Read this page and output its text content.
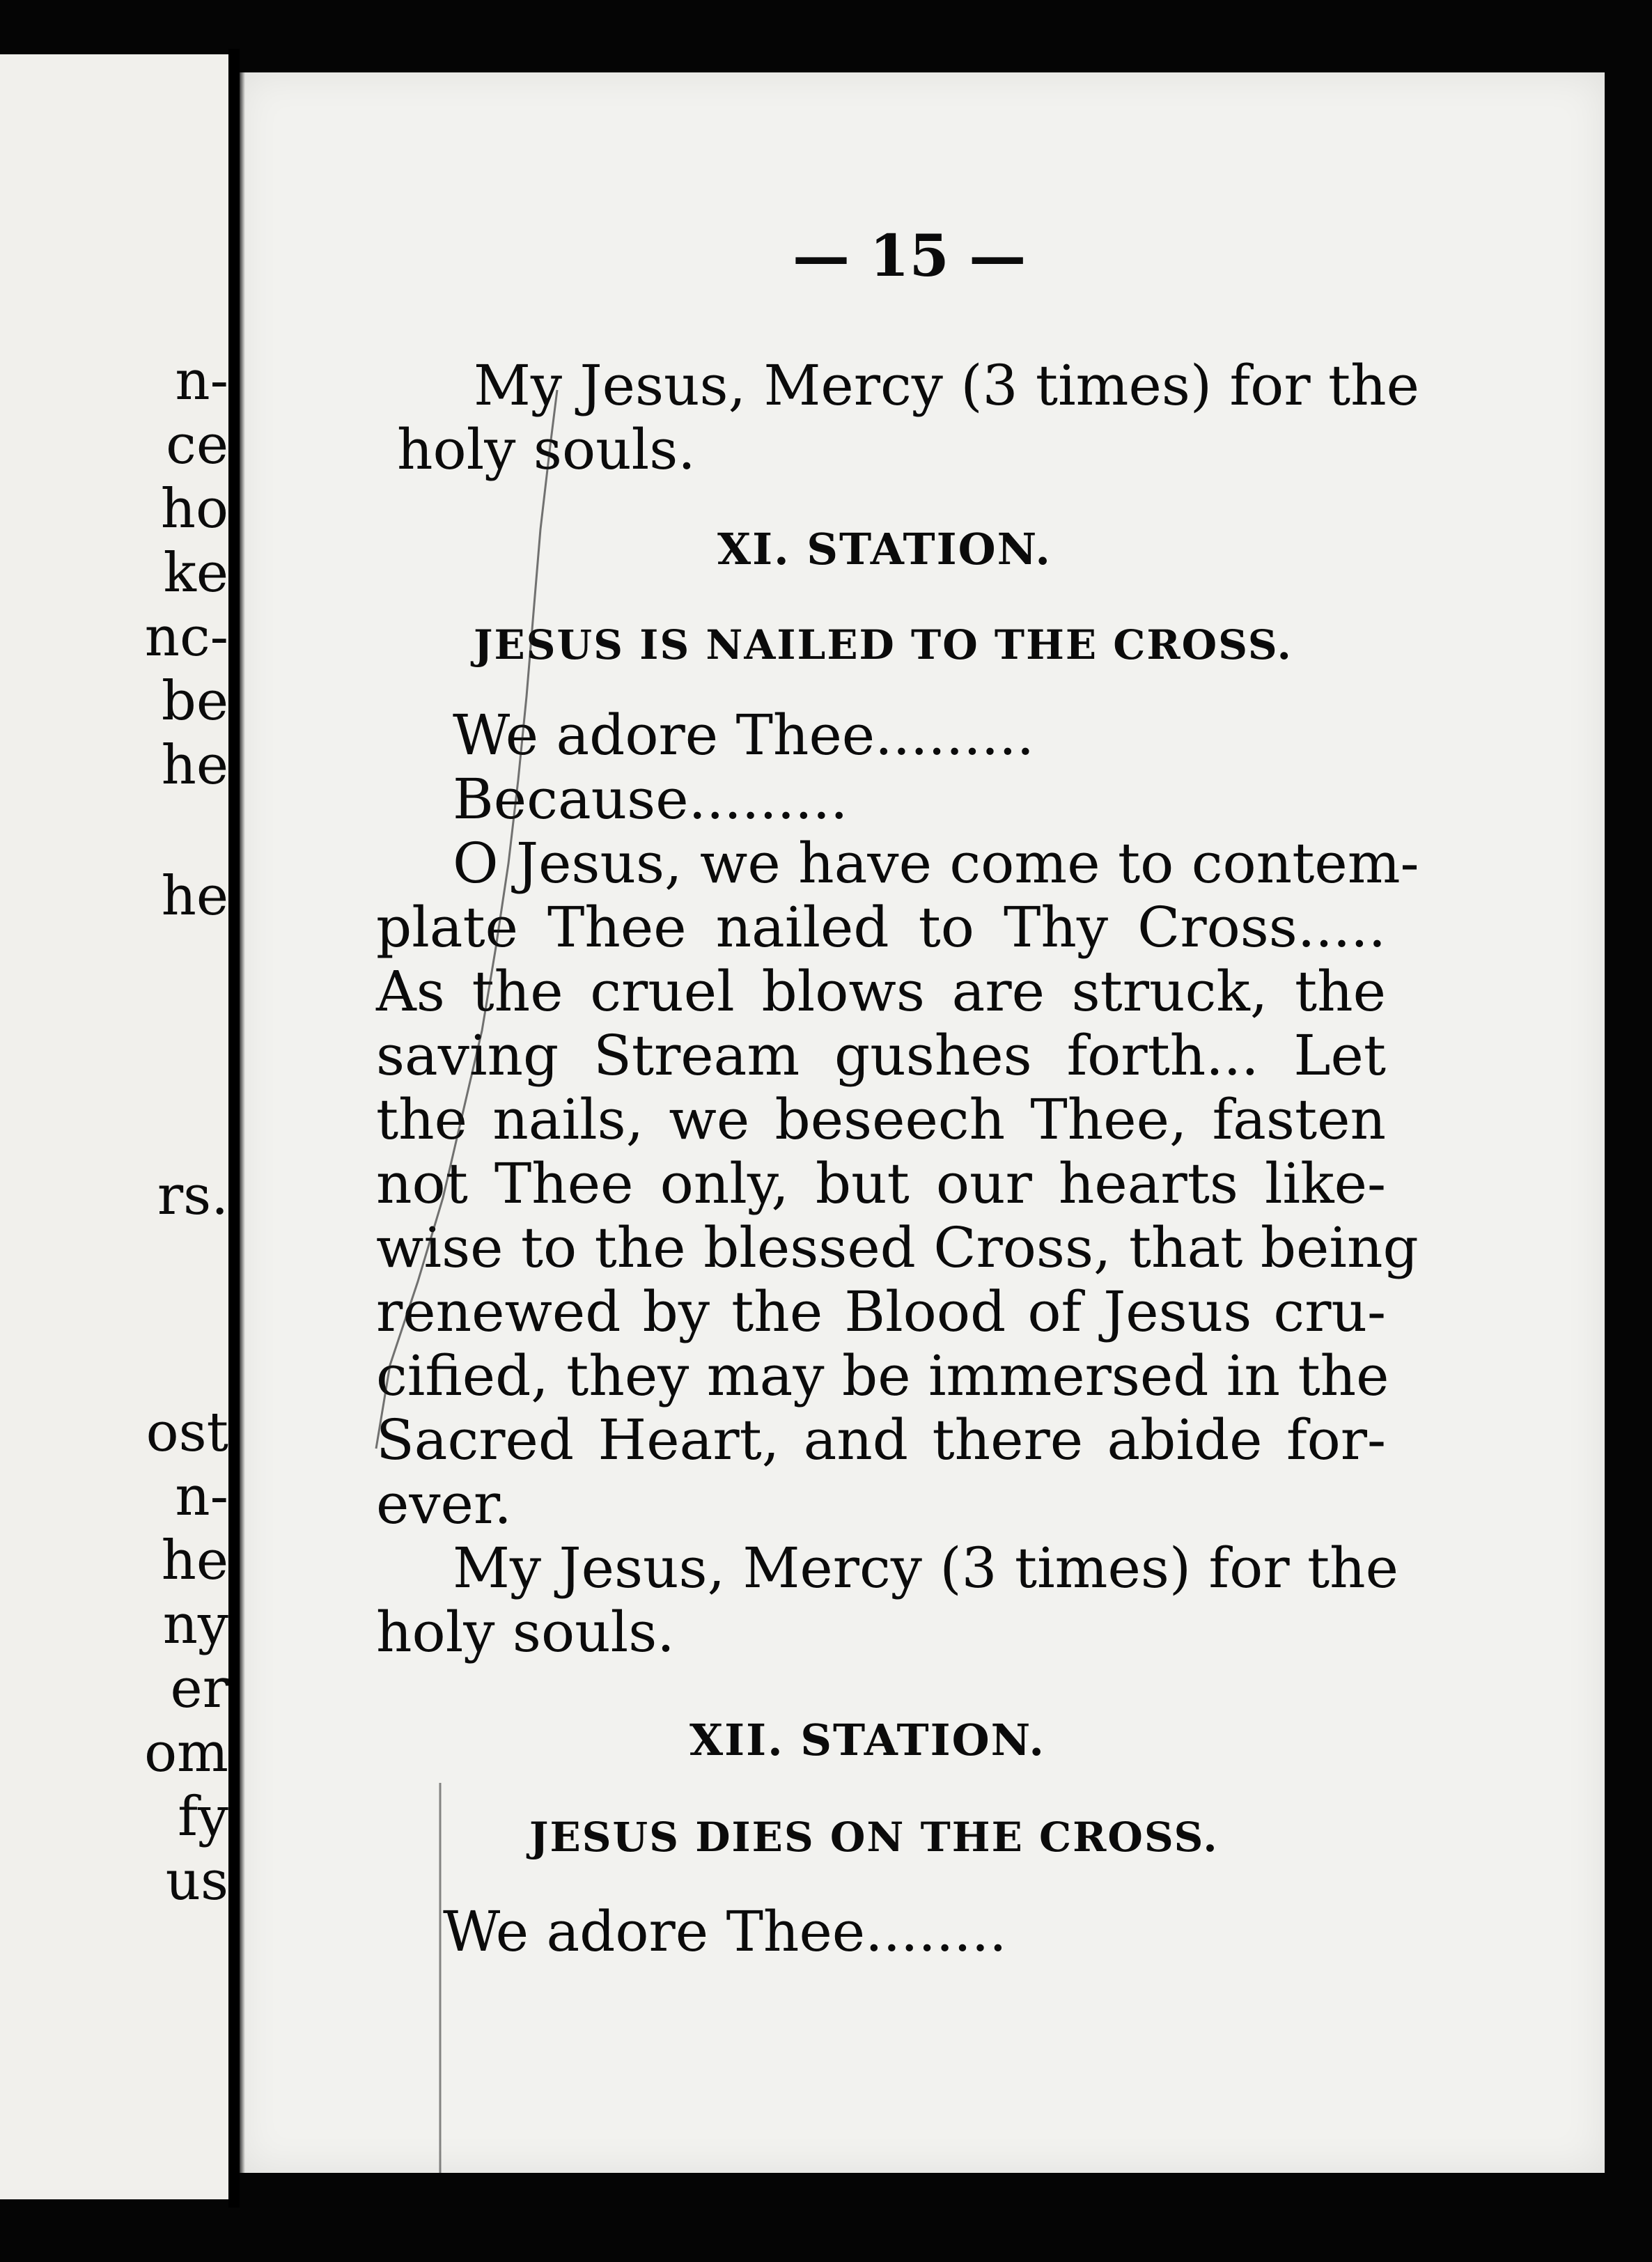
n-
ce
ho
ke
nc-
be
he
he
rs.
ost
n-
he
ny
er
om
fy
us
— 15 —
My Jesus, Mercy (3 times) for the
holy souls.
XI. STATION.
JESUS IS NAILED TO THE CROSS.
We adore Thee.........
Because.........
O Jesus, we have come to contem-
plate Thee nailed to Thy Cross.....
As the cruel blows are struck, the
saving Stream gushes forth... Let
the nails, we beseech Thee, fasten
not Thee only, but our hearts like-
wise to the blessed Cross, that being
renewed by the Blood of Jesus cru-
cified, they may be immersed in the
Sacred Heart, and there abide for-
ever.
My Jesus, Mercy (3 times) for the
holy souls.
XII. STATION.
JESUS DIES ON THE CROSS.
We adore Thee........
